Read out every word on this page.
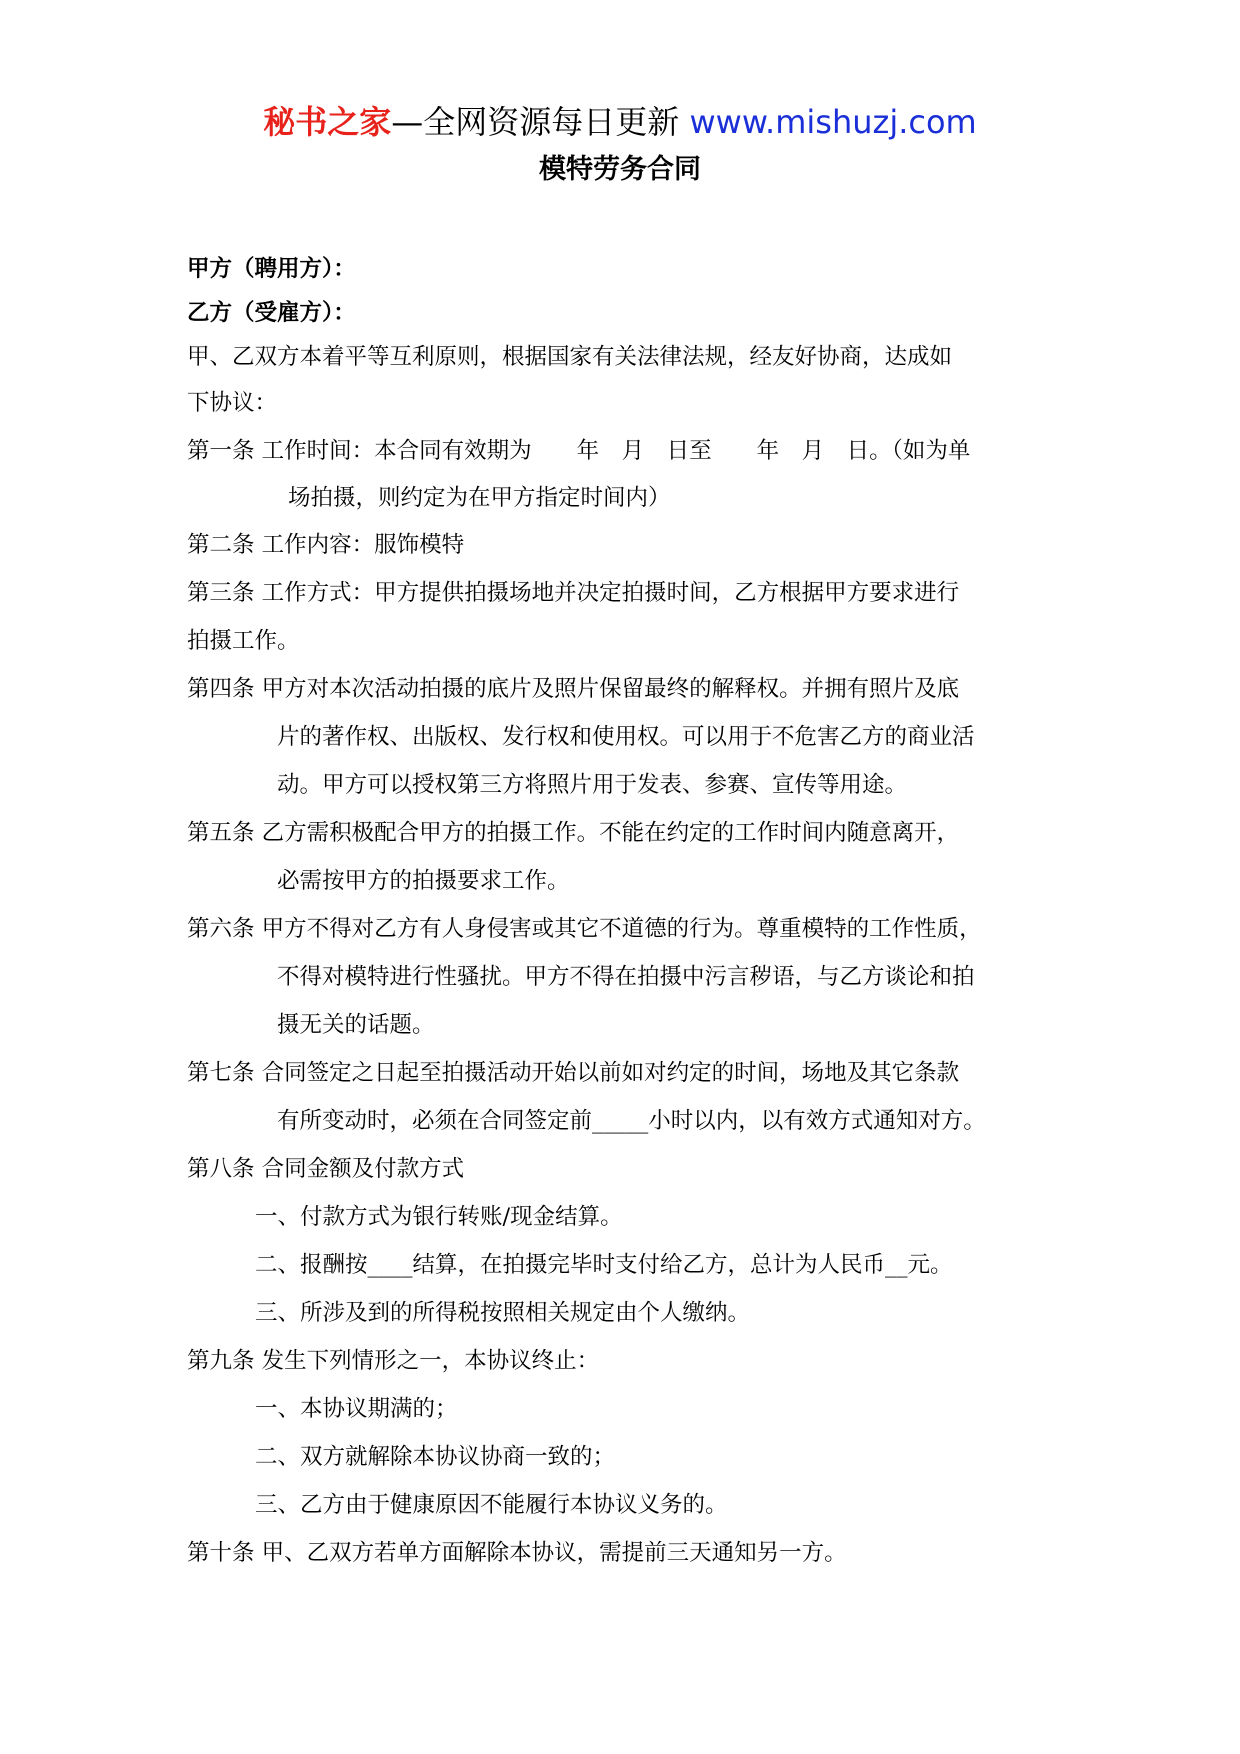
秘书之家—全网资源每日更新 www.mishuzj.com
模特劳务合同
甲方（聘用方）：
乙方（受雇方）：
甲、乙双方本着平等互利原则，根据国家有关法律法规，经友好协商，达成如
下协议：
第一条 工作时间：本合同有效期为　　年　月　日至　　年　月　日。（如为单
场拍摄，则约定为在甲方指定时间内）
第二条 工作内容：服饰模特
第三条 工作方式：甲方提供拍摄场地并决定拍摄时间，乙方根据甲方要求进行
拍摄工作。
第四条 甲方对本次活动拍摄的底片及照片保留最终的解释权。并拥有照片及底
片的著作权、出版权、发行权和使用权。可以用于不危害乙方的商业活
动。甲方可以授权第三方将照片用于发表、参赛、宣传等用途。
第五条 乙方需积极配合甲方的拍摄工作。不能在约定的工作时间内随意离开，
必需按甲方的拍摄要求工作。
第六条 甲方不得对乙方有人身侵害或其它不道德的行为。尊重模特的工作性质，
不得对模特进行性骚扰。甲方不得在拍摄中污言秽语，与乙方谈论和拍
摄无关的话题。
第七条 合同签定之日起至拍摄活动开始以前如对约定的时间，场地及其它条款
有所变动时，必须在合同签定前_____小时以内，以有效方式通知对方。
第八条 合同金额及付款方式
一、付款方式为银行转账/现金结算。
二、报酬按____结算，在拍摄完毕时支付给乙方，总计为人民币__元。
三、所涉及到的所得税按照相关规定由个人缴纳。
第九条 发生下列情形之一，本协议终止：
一、本协议期满的；
二、双方就解除本协议协商一致的；
三、乙方由于健康原因不能履行本协议义务的。
第十条 甲、乙双方若单方面解除本协议，需提前三天通知另一方。
